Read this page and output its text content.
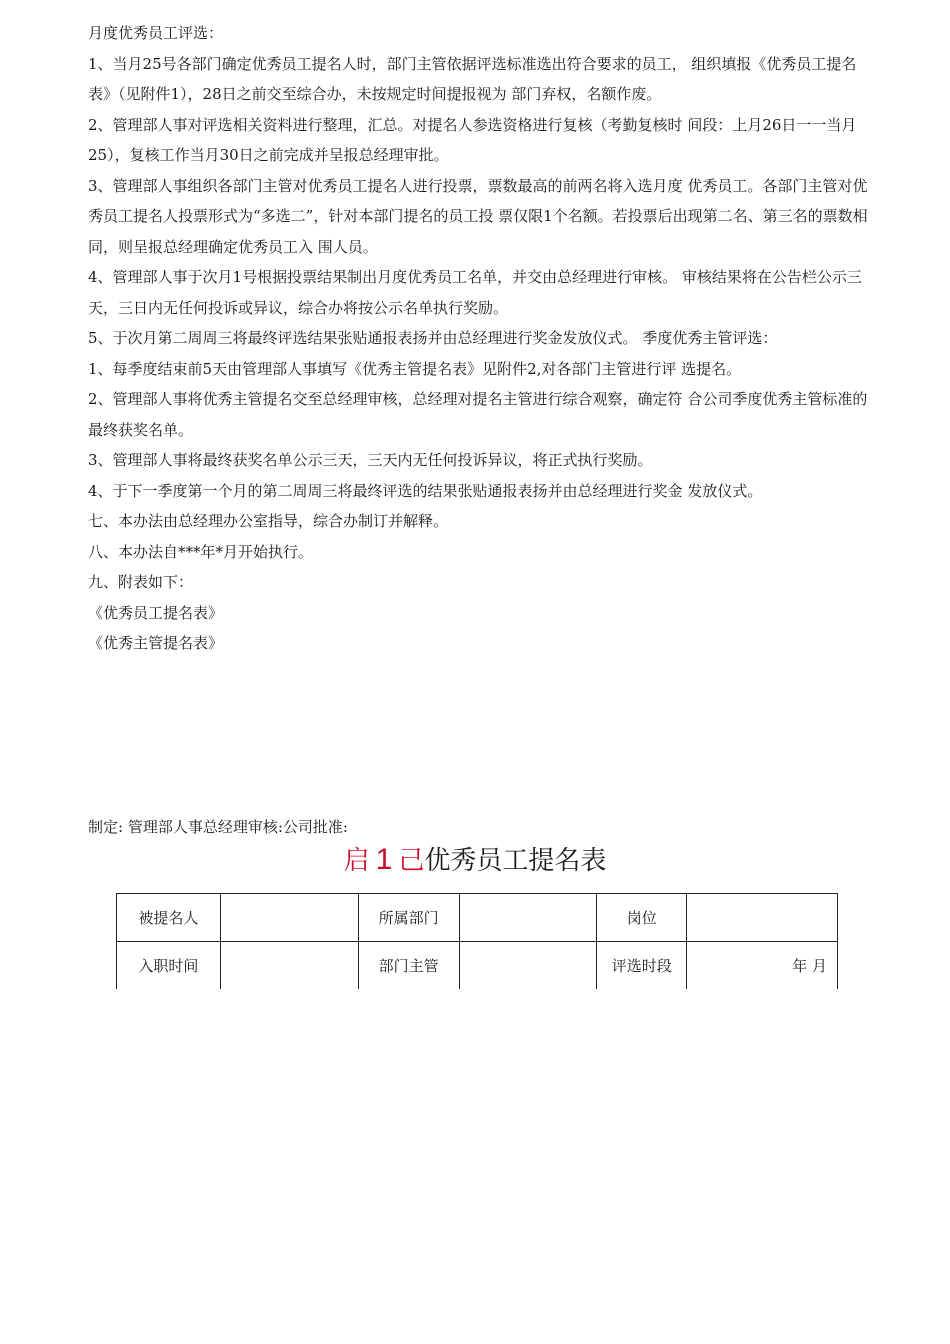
月度优秀员工评选：

1、当月25号各部门确定优秀员工提名人时，部门主管依据评选标准选出符合要求的员工， 组织填报《优秀员工提名表》（见附件1），28日之前交至综合办，未按规定时间提报视为 部门弃权，名额作废。

2、管理部人事对评选相关资料进行整理，汇总。对提名人参选资格进行复核（考勤复核时 间段：上月26日一一当月25），复核工作当月30日之前完成并呈报总经理审批。

3、管理部人事组织各部门主管对优秀员工提名人进行投票，票数最高的前两名将入选月度 优秀员工。各部门主管对优秀员工提名人投票形式为“多选二”，针对本部门提名的员工投 票仅限1个名额。若投票后出现第二名、第三名的票数相同，则呈报总经理确定优秀员工入 围人员。

4、管理部人事于次月1号根据投票结果制出月度优秀员工名单，并交由总经理进行审核。 审核结果将在公告栏公示三天，三日内无任何投诉或异议，综合办将按公示名单执行奖励。

5、于次月第二周周三将最终评选结果张贴通报表扬并由总经理进行奖金发放仪式。 季度优秀主管评选：

1、每季度结束前5天由管理部人事填写《优秀主管提名表》见附件2,对各部门主管进行评 选提名。

2、管理部人事将优秀主管提名交至总经理审核，总经理对提名主管进行综合观察，确定符 合公司季度优秀主管标准的最终获奖名单。

3、管理部人事将最终获奖名单公示三天，三天内无任何投诉异议，将正式执行奖励。

4、于下一季度第一个月的第二周周三将最终评选的结果张贴通报表扬并由总经理进行奖金 发放仪式。

七、本办法由总经理办公室指导，综合办制订并解释。

八、本办法自***年*月开始执行。

九、附表如下：

《优秀员工提名表》

《优秀主管提名表》

制定: 管理部人事总经理审核:公司批准:
启 1 己优秀员工提名表
被提名人		所属部门		岗位	
入职时间		部门主管		评选时段	年 月
